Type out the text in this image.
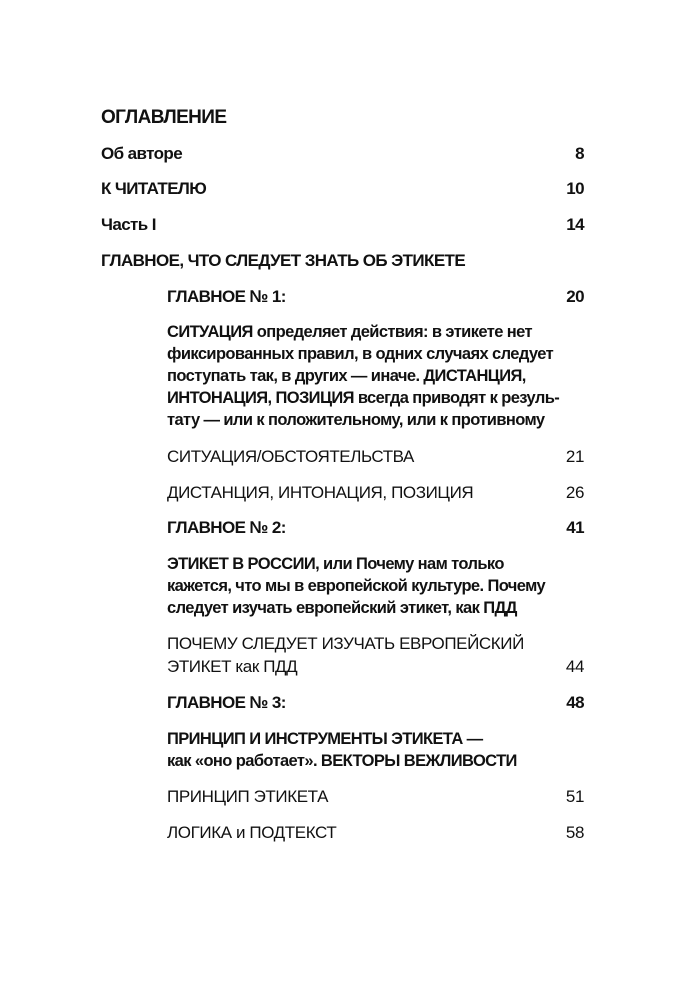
ОГЛАВЛЕНИЕ
Об авторе	8
К ЧИТАТЕЛЮ	10
Часть I	14
ГЛАВНОЕ, ЧТО СЛЕДУЕТ ЗНАТЬ ОБ ЭТИКЕТЕ
ГЛАВНОЕ № 1:	20
СИТУАЦИЯ определяет действия: в этикете нет
фиксированных правил, в одних случаях следует
поступать так, в других — иначе. ДИСТАНЦИЯ,
ИНТОНАЦИЯ, ПОЗИЦИЯ всегда приводят к резуль-
тату — или к положительному, или к противному
СИТУАЦИЯ/ОБСТОЯТЕЛЬСТВА	21
ДИСТАНЦИЯ, ИНТОНАЦИЯ, ПОЗИЦИЯ	26
ГЛАВНОЕ № 2:	41
ЭТИКЕТ В РОССИИ, или Почему нам только
кажется, что мы в европейской культуре. Почему
следует изучать европейский этикет, как ПДД
ПОЧЕМУ СЛЕДУЕТ ИЗУЧАТЬ ЕВРОПЕЙСКИЙ
ЭТИКЕТ как ПДД	44
ГЛАВНОЕ № 3:	48
ПРИНЦИП И ИНСТРУМЕНТЫ ЭТИКЕТА —
как «оно работает». ВЕКТОРЫ ВЕЖЛИВОСТИ
ПРИНЦИП ЭТИКЕТА	51
ЛОГИКА и ПОДТЕКСТ	58
